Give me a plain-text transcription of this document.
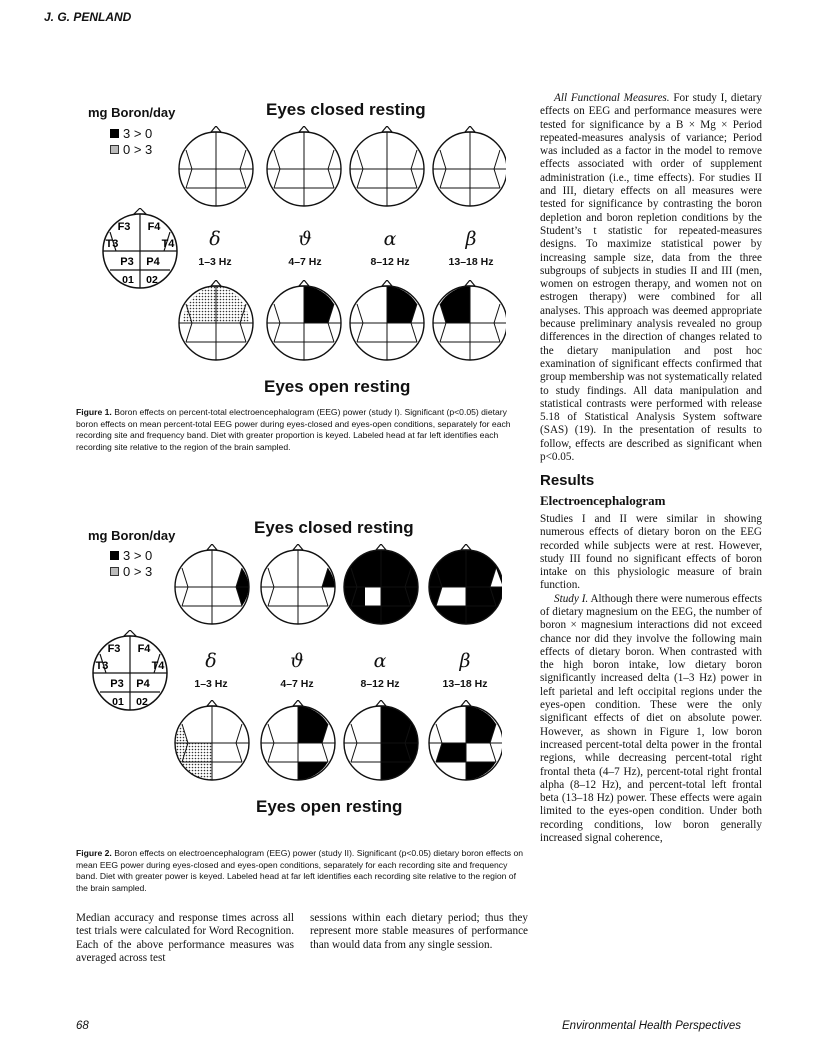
J. G. PENLAND
mg Boron/day
3 > 0
0 > 3
Eyes closed resting
Eyes open resting
F3 F4
T3	T4
P3 P4
01 02
δ
1–3 Hz
ϑ
4–7 Hz
α
8–12 Hz
β
13–18 Hz
Figure 1. Boron effects on percent-total electroencephalogram (EEG) power (study I). Significant (p<0.05) dietary boron effects on mean percent-total EEG power during eyes-closed and eyes-open conditions, separately for each recording site and frequency band. Diet with greater proportion is keyed. Labeled head at far left identifies each recording site relative to the region of the brain sampled.
mg Boron/day
3 > 0
0 > 3
Eyes closed resting
Eyes open resting
F3 F4
T3	T4
P3 P4
01 02
δ
1–3 Hz
ϑ
4–7 Hz
α
8–12 Hz
β
13–18 Hz
Figure 2. Boron effects on electroencephalogram (EEG) power (study II). Significant (p<0.05) dietary boron effects on mean EEG power during eyes-closed and eyes-open conditions, separately for each recording site and frequency band. Diet with greater power is keyed. Labeled head at far left identifies each recording site relative to the region of the brain sampled.

All Functional Measures. For study I, dietary effects on EEG and performance measures were tested for significance by a B × Mg × Period repeated-measures analysis of variance; Period was included as a factor in the model to remove effects associated with order of supplement administration (i.e., time effects). For studies II and III, dietary effects on all measures were tested for significance by contrasting the boron depletion and boron repletion conditions by the Student’s t statistic for repeated-measures designs. To maximize statistical power by increasing sample size, data from the three subgroups of subjects in studies II and III (men, women on estrogen therapy, and women not on estrogen therapy) were combined for all analyses. This approach was deemed appropriate because preliminary analysis revealed no group differences in the direction of changes related to the dietary manipulation and post hoc examination of significant effects confirmed that group membership was not systematically related to study findings. All data manipulation and statistical contrasts were performed with release 5.18 of Statistical Analysis System software (SAS) (19). In the presentation of results to follow, effects are described as significant when p<0.05.

Results
Electroencephalogram

Studies I and II were similar in showing numerous effects of dietary boron on the EEG recorded while subjects were at rest. However, study III found no significant effects of boron intake on this physiologic measure of brain function.

Study I. Although there were numerous effects of dietary magnesium on the EEG, the number of boron × magnesium interactions did not exceed chance nor did they involve the following main effects of dietary boron. When contrasted with the high boron intake, low dietary boron significantly increased delta (1–3 Hz) power in left parietal and left occipital regions under the eyes-open condition. These were the only significant effects of diet on absolute power. However, as shown in Figure 1, low boron increased percent-total delta power in the frontal regions, while decreasing percent-total right frontal theta (4–7 Hz), percent-total right frontal alpha (8–12 Hz), and percent-total left frontal beta (13–18 Hz) power. These effects were again limited to the eyes-open condition. Under both recording conditions, low boron generally increased signal coherence,

Median accuracy and response times across all test trials were calculated for Word Recognition. Each of the above performance measures was averaged across test
sessions within each dietary period; thus they represent more stable measures of performance than would data from any single session.
68	Environmental Health Perspectives
